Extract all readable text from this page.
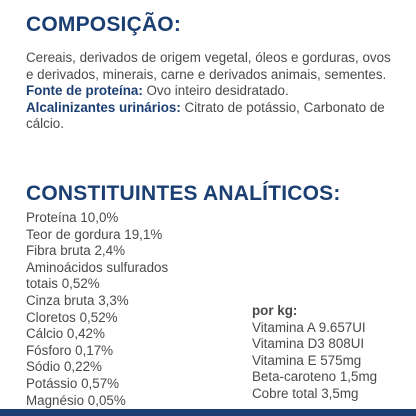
COMPOSIÇÃO:

Cereais, derivados de origem vegetal, óleos e gorduras, ovos e derivados, minerais, carne e derivados animais, sementes.

Fonte de proteína: Ovo inteiro desidratado.

Alcalinizantes urinários: Citrato de potássio, Carbonato de cálcio.

CONSTITUINTES ANALÍTICOS:
Proteína 10,0%
Teor de gordura 19,1%
Fibra bruta 2,4%
Aminoácidos sulfurados
totais 0,52%
Cinza bruta 3,3%
Cloretos 0,52%
Cálcio 0,42%
Fósforo 0,17%
Sódio 0,22%
Potássio 0,57%
Magnésio 0,05%
por kg:
Vitamina A 9.657UI
Vitamina D3 808UI
Vitamina E 575mg
Beta-caroteno 1,5mg
Cobre total 3,5mg
